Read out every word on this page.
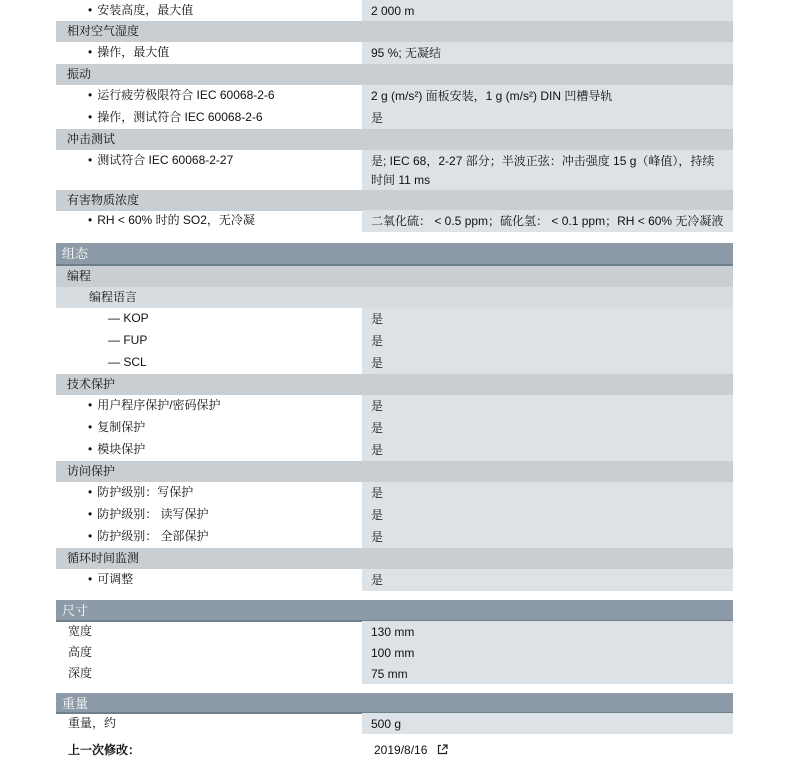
• 安装高度，最大值	2 000 m
相对空气湿度
• 操作，最大值	95 %; 无凝结
振动
• 运行疲劳极限符合 IEC 60068-2-6	2 g (m/s²) 面板安装，1 g (m/s²) DIN 凹槽导轨
• 操作，测试符合 IEC 60068-2-6	是
冲击测试
• 测试符合 IEC 60068-2-27	是; IEC 68，2-27 部分；半波正弦：冲击强度 15 g（峰值），持续
时间 11 ms
有害物质浓度
• RH < 60% 时的 SO2，无冷凝	二氧化硫： < 0.5 ppm；硫化氢： < 0.1 ppm；RH < 60% 无冷凝液
组态
编程
编程语言
— KOP	是
— FUP	是
— SCL	是
技术保护
• 用户程序保护/密码保护	是
• 复制保护	是
• 模块保护	是
访问保护
• 防护级别：写保护	是
• 防护级别： 读写保护	是
• 防护级别： 全部保护	是
循环时间监测
• 可调整	是
尺寸
宽度	130 mm
高度	100 mm
深度	75 mm
重量
重量，约	500 g
上一次修改：	2019/8/16
